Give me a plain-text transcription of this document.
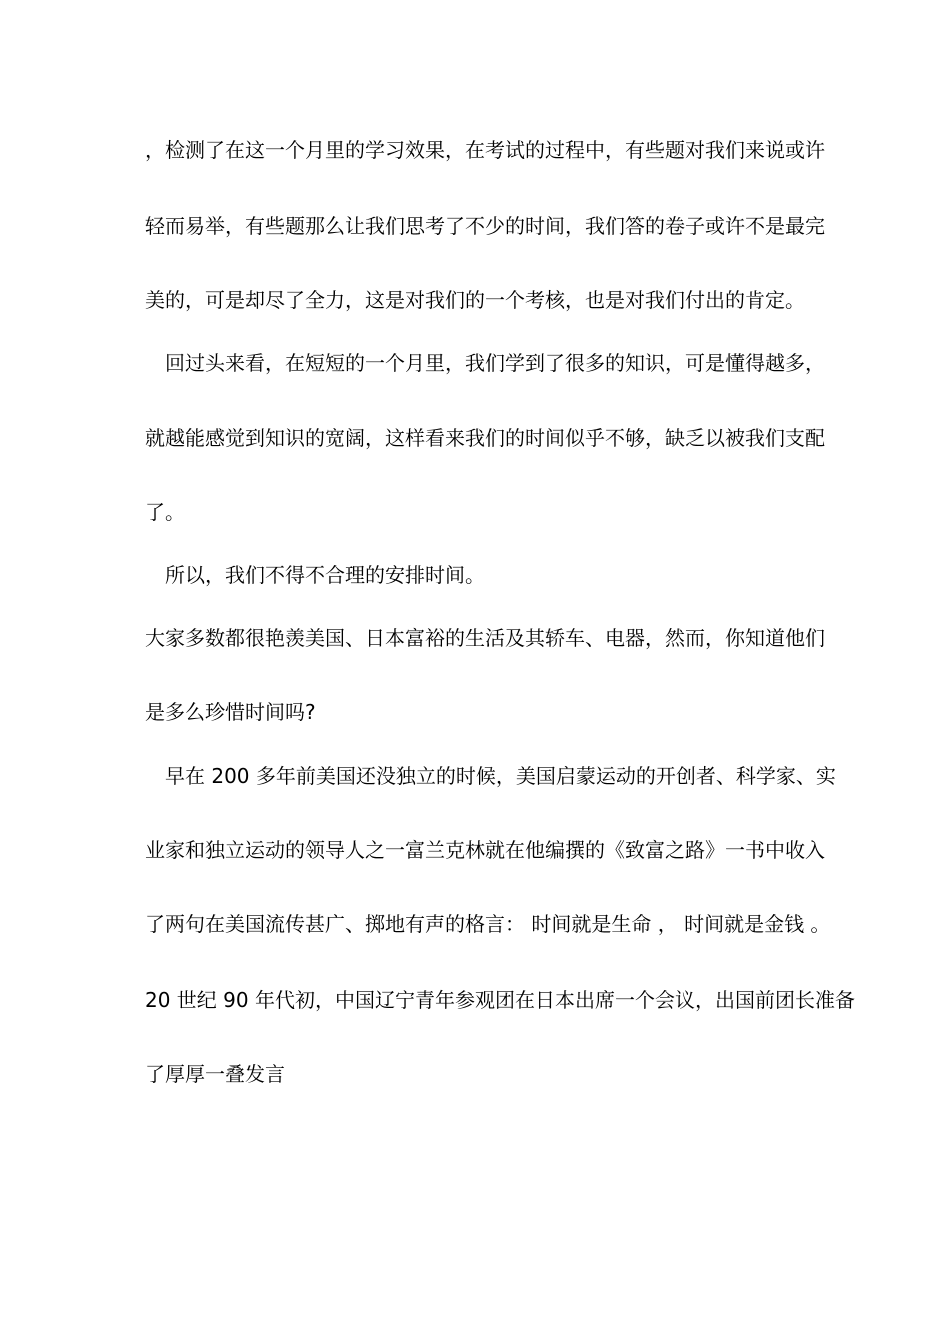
，检测了在这一个月里的学习效果，在考试的过程中，有些题对我们来说或许
轻而易举，有些题那么让我们思考了不少的时间，我们答的卷子或许不是最完
美的，可是却尽了全力，这是对我们的一个考核，也是对我们付出的肯定。
　回过头来看，在短短的一个月里，我们学到了很多的知识，可是懂得越多，
就越能感觉到知识的宽阔，这样看来我们的时间似乎不够，缺乏以被我们支配
了。
　所以，我们不得不合理的安排时间。
大家多数都很艳羡美国、日本富裕的生活及其轿车、电器，然而，你知道他们
是多么珍惜时间吗?
　早在 200 多年前美国还没独立的时候，美国启蒙运动的开创者、科学家、实
业家和独立运动的领导人之一富兰克林就在他编撰的《致富之路》一书中收入
了两句在美国流传甚广、掷地有声的格言： 时间就是生命 ， 时间就是金钱 。
20 世纪 90 年代初，中国辽宁青年参观团在日本出席一个会议，出国前团长准备
了厚厚一叠发言
